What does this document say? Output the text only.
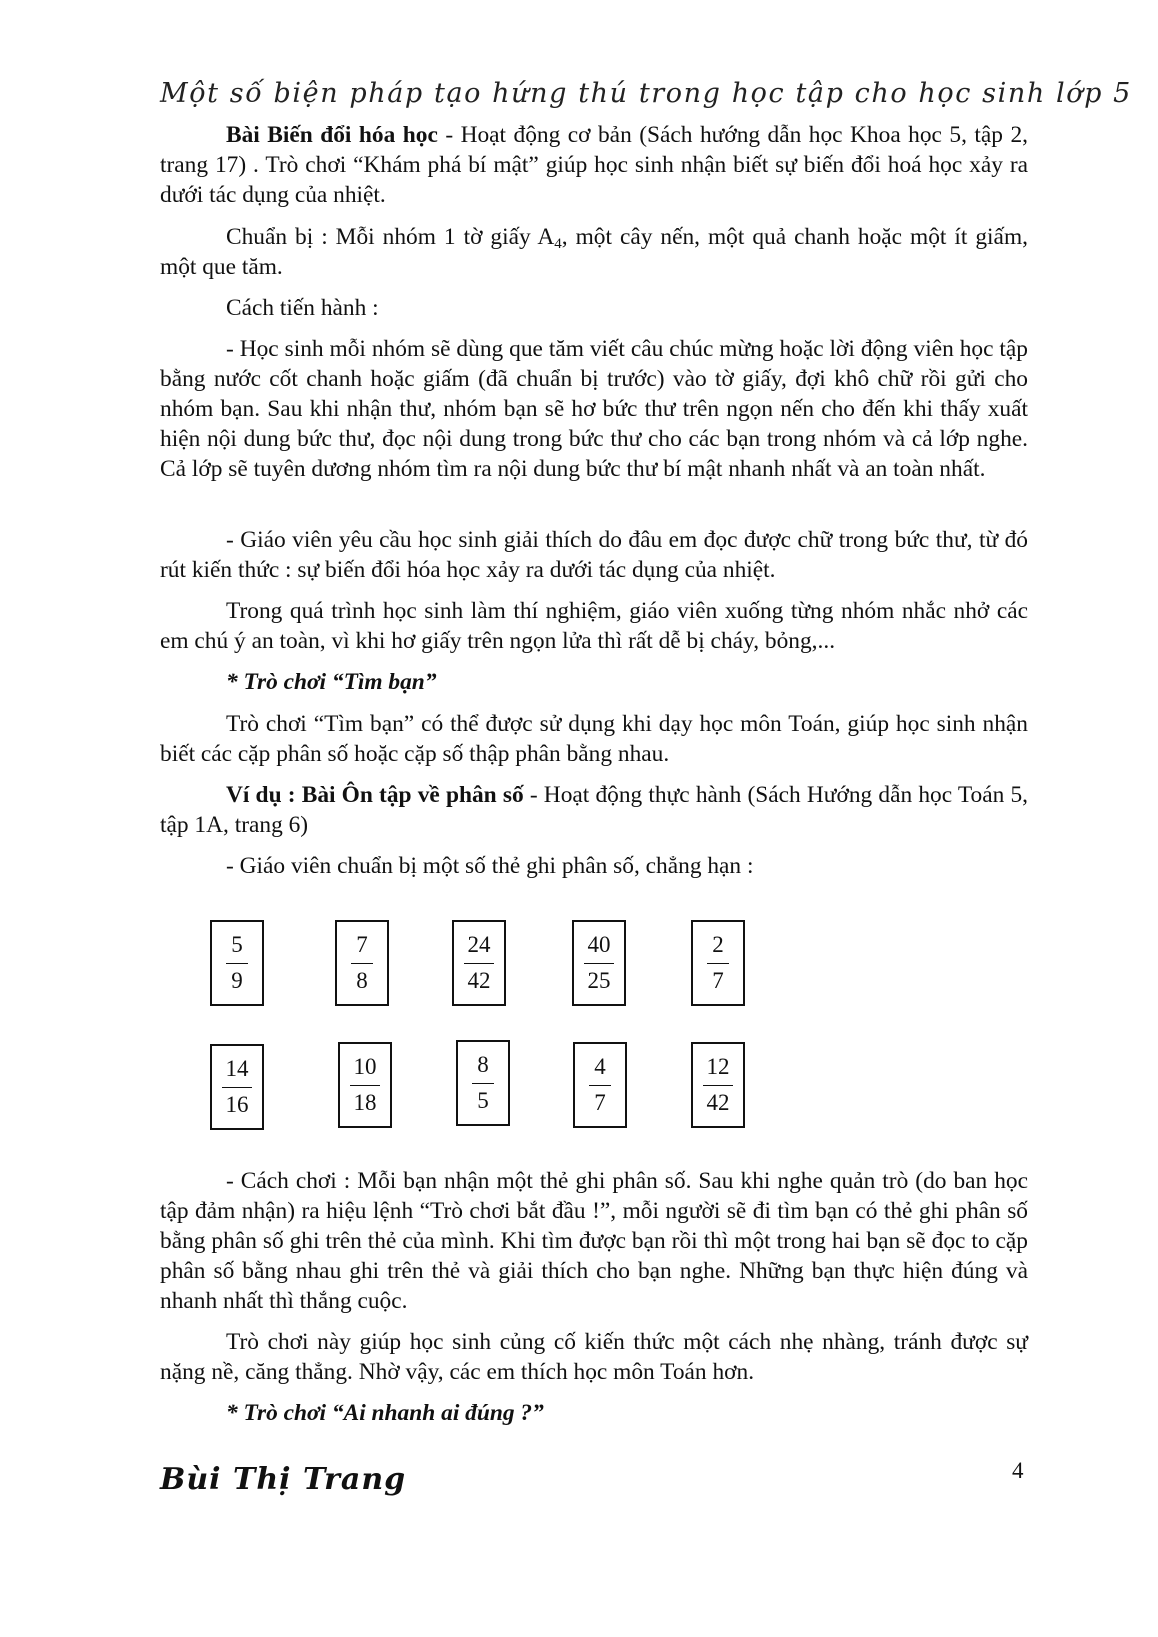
Một số biện pháp tạo hứng thú trong học tập cho học sinh lớp 5

Bài Biến đổi hóa học - Hoạt động cơ bản (Sách hướng dẫn học Khoa học 5, tập 2, trang 17) . Trò chơi “Khám phá bí mật” giúp học sinh nhận biết sự biến đổi hoá học xảy ra dưới tác dụng của nhiệt.

Chuẩn bị : Mỗi nhóm 1 tờ giấy $A_4$, một cây nến, một quả chanh hoặc một ít giấm, một que tăm.

Cách tiến hành :

- Học sinh mỗi nhóm sẽ dùng que tăm viết câu chúc mừng hoặc lời động viên học tập bằng nước cốt chanh hoặc giấm (đã chuẩn bị trước) vào tờ giấy, đợi khô chữ rồi gửi cho nhóm bạn. Sau khi nhận thư, nhóm bạn sẽ hơ bức thư trên ngọn nến cho đến khi thấy xuất hiện nội dung bức thư, đọc nội dung trong bức thư cho các bạn trong nhóm và cả lớp nghe. Cả lớp sẽ tuyên dương nhóm tìm ra nội dung bức thư bí mật nhanh nhất và an toàn nhất.

- Giáo viên yêu cầu học sinh giải thích do đâu em đọc được chữ trong bức thư, từ đó rút kiến thức : sự biến đổi hóa học xảy ra dưới tác dụng của nhiệt.

Trong quá trình học sinh làm thí nghiệm, giáo viên xuống từng nhóm nhắc nhở các em chú ý an toàn, vì khi hơ giấy trên ngọn lửa thì rất dễ bị cháy, bỏng,...

* Trò chơi “Tìm bạn”

Trò chơi “Tìm bạn” có thể được sử dụng khi dạy học môn Toán, giúp học sinh nhận biết các cặp phân số hoặc cặp số thập phân bằng nhau.

Ví dụ : Bài Ôn tập về phân số - Hoạt động thực hành (Sách Hướng dẫn học Toán 5, tập 1A, trang 6)

- Giáo viên chuẩn bị một số thẻ ghi phân số, chẳng hạn :

$\frac{5}{9}$	$\frac{7}{8}$	$\frac{24}{42}$	$\frac{40}{25}$	$\frac{2}{7}$
$\frac{14}{16}$	$\frac{10}{18}$	$\frac{8}{5}$	$\frac{4}{7}$	$\frac{12}{42}$

- Cách chơi : Mỗi bạn nhận một thẻ ghi phân số. Sau khi nghe quản trò (do ban học tập đảm nhận) ra hiệu lệnh “Trò chơi bắt đầu !”, mỗi người sẽ đi tìm bạn có thẻ ghi phân số bằng phân số ghi trên thẻ của mình. Khi tìm được bạn rồi thì một trong hai bạn sẽ đọc to cặp phân số bằng nhau ghi trên thẻ và giải thích cho bạn nghe. Những bạn thực hiện đúng và nhanh nhất thì thắng cuộc.

Trò chơi này giúp học sinh củng cố kiến thức một cách nhẹ nhàng, tránh được sự nặng nề, căng thẳng. Nhờ vậy, các em thích học môn Toán hơn.

* Trò chơi “Ai nhanh ai đúng ?”

Bùi Thị Trang	4
